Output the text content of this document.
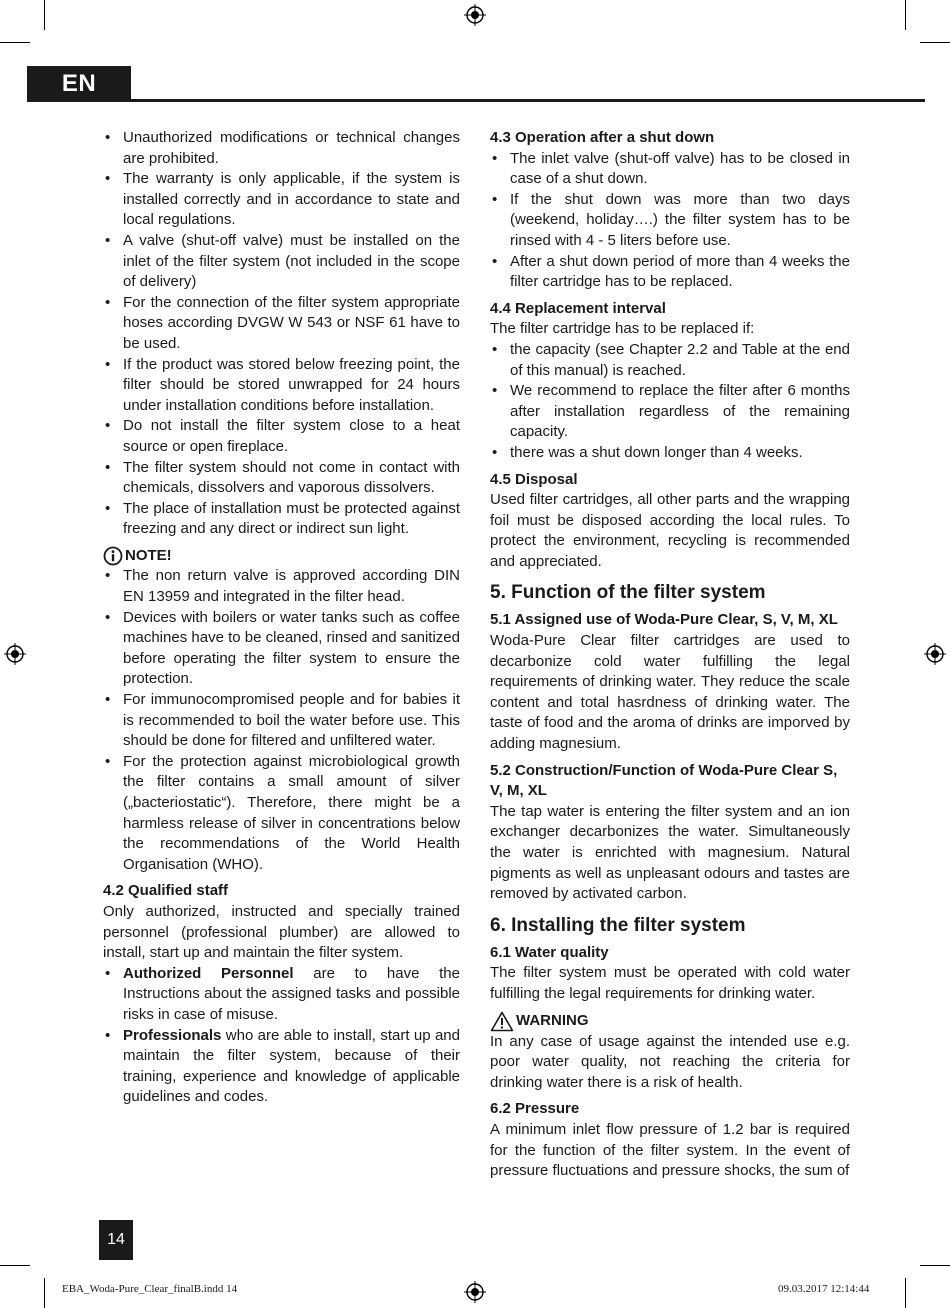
EN
• Unauthorized modifications or technical changes are prohibited.
• The warranty is only applicable, if the system is installed correctly and in accordance to state and local regulations.
• A valve (shut-off valve) must be installed on the inlet of the filter system (not included in the scope of delivery)
• For the connection of the filter system appropriate hoses according DVGW W 543 or NSF 61 have to be used.
• If the product was stored below freezing point, the filter should be stored unwrapped for 24 hours under installation conditions before installation.
• Do not install the filter system close to a heat source or open fireplace.
• The filter system should not come in contact with chemicals, dissolvers and vaporous dissolvers.
• The place of installation must be protected against freezing and any direct or indirect sun light.
NOTE!
• The non return valve is approved according DIN EN 13959 and integrated in the filter head.
• Devices with boilers or water tanks such as coffee machines have to be cleaned, rinsed and sanitized before operating the filter system to ensure the protection.
• For immunocompromised people and for babies it is recommended to boil the water before use. This should be done for filtered and unfiltered water.
• For the protection against microbiological growth the filter contains a small amount of silver („bacteriostatic“). Therefore, there might be a harmless release of silver in concentrations below the recommendations of the World Health Organisation (WHO).
4.2 Qualified staff

Only authorized, instructed and specially trained personnel (professional plumber) are allowed to install, start up and maintain the filter system.

• Authorized Personnel are to have the Instructions about the assigned tasks and possible risks in case of misuse.
• Professionals who are able to install, start up and maintain the filter system, because of their training, experience and knowledge of applicable guidelines and codes.
4.3 Operation after a shut down
• The inlet valve (shut-off valve) has to be closed in case of a shut down.
• If the shut down was more than two days (weekend, holiday….) the filter system has to be rinsed with 4 - 5 liters before use.
• After a shut down period of more than 4 weeks the filter cartridge has to be replaced.
4.4 Replacement interval

The filter cartridge has to be replaced if:

• the capacity (see Chapter 2.2 and Table at the end of this manual) is reached.
• We recommend to replace the filter after 6 months after installation regardless of the remaining capacity.
• there was a shut down longer than 4 weeks.
4.5 Disposal

Used filter cartridges, all other parts and the wrapping foil must be disposed according the local rules. To protect the environment, recycling is recommended and appreciated.

5. Function of the filter system
5.1 Assigned use of Woda-Pure Clear, S, V, M, XL

Woda-Pure Clear filter cartridges are used to decarbonize cold water fulfilling the legal requirements of drinking water. They reduce the scale content and total hasrdness of drinking water. The taste of food and the aroma of drinks are imporved by adding magnesium.

5.2 Construction/Function of Woda-Pure Clear S, V, M, XL

The tap water is entering the filter system and an ion exchanger decarbonizes the water. Simultaneously the water is enrichted with magnesium. Natural pigments as well as unpleasant odours and tastes are removed by activated carbon.

6. Installing the filter system
6.1 Water quality

The filter system must be operated with cold water fulfilling the legal requirements for drinking water.

WARNING

In any case of usage against the intended use e.g. poor water quality, not reaching the criteria for drinking water there is a risk of health.

6.2 Pressure

A minimum inlet flow pressure of 1.2 bar is required for the function of the filter system. In the event of pressure fluctuations and pressure shocks, the sum of

14
EBA_Woda-Pure_Clear_finalB.indd 14	09.03.2017 12:14:44
